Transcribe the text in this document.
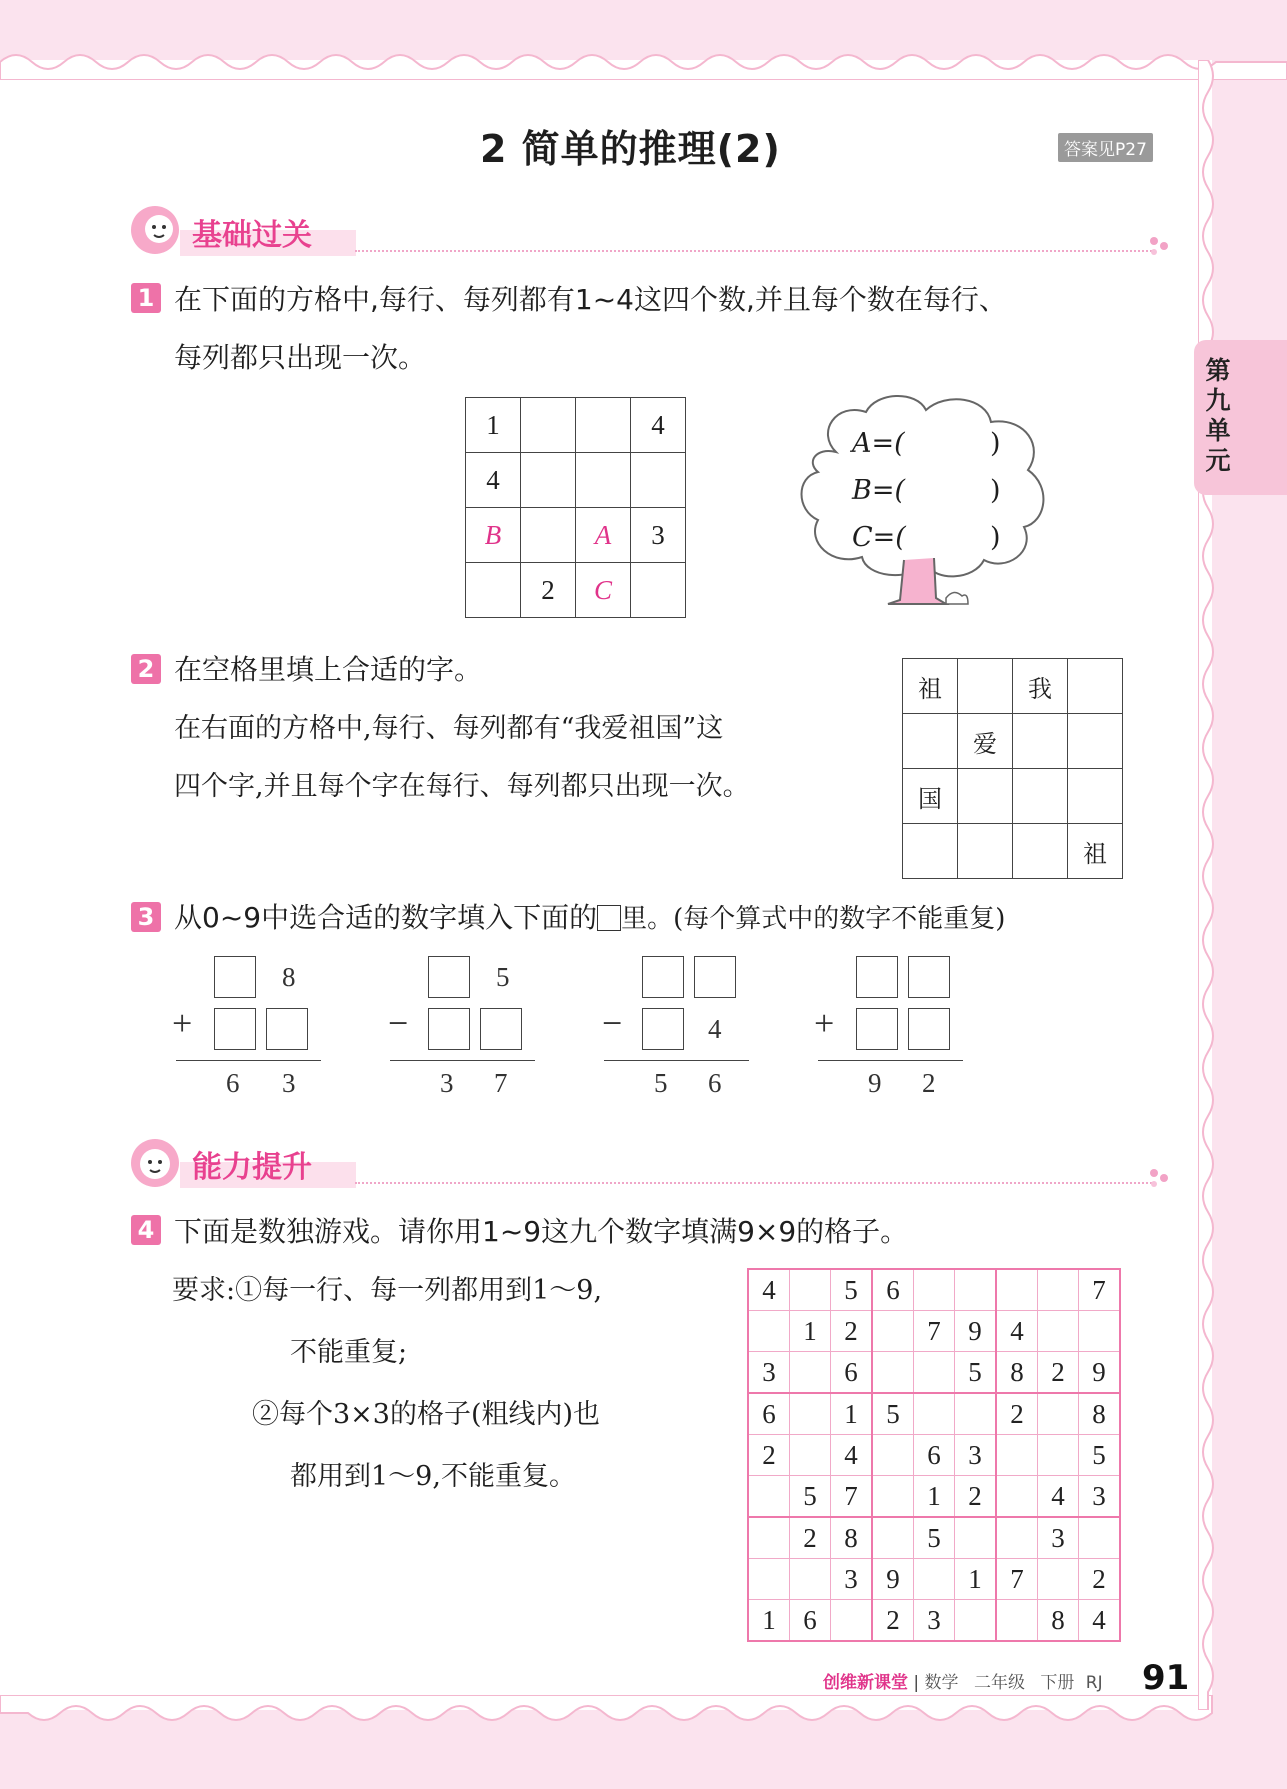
第九单元
2 简单的推理(2)	答案见P27
基础过关
1 在下面的方格中,每行、每列都有1~4这四个数,并且每个数在每行、
每列都只出现一次。
1			4
4			
B		A	3
	2	C	
A=(	)
B=(	)
C=(	)
2 在空格里填上合适的字。
在右面的方格中,每行、每列都有“我爱祖国”这
四个字,并且每个字在每行、每列都只出现一次。
祖		我	
	爱		
国			
			祖
3 从0~9中选合适的数字填入下面的 里。(每个算式中的数字不能重复)
8
+
6 3
5
−
3 7
−	4
5 6
+
9 2
能力提升
4 下面是数独游戏。请你用1~9这九个数字填满9×9的格子。
要求:①每一行、每一列都用到1～9,
不能重复;
②每个3×3的格子(粗线内)也
都用到1～9,不能重复。
4		5	6					7
	1	2		7	9	4		
3		6			5	8	2	9
6		1	5			2		8
2		4		6	3			5
	5	7		1	2		4	3
	2	8		5			3	
		3	9		1	7		2
1	6		2	3			8	4
创维新课堂 | 数学 二年级 下册 RJ 91
